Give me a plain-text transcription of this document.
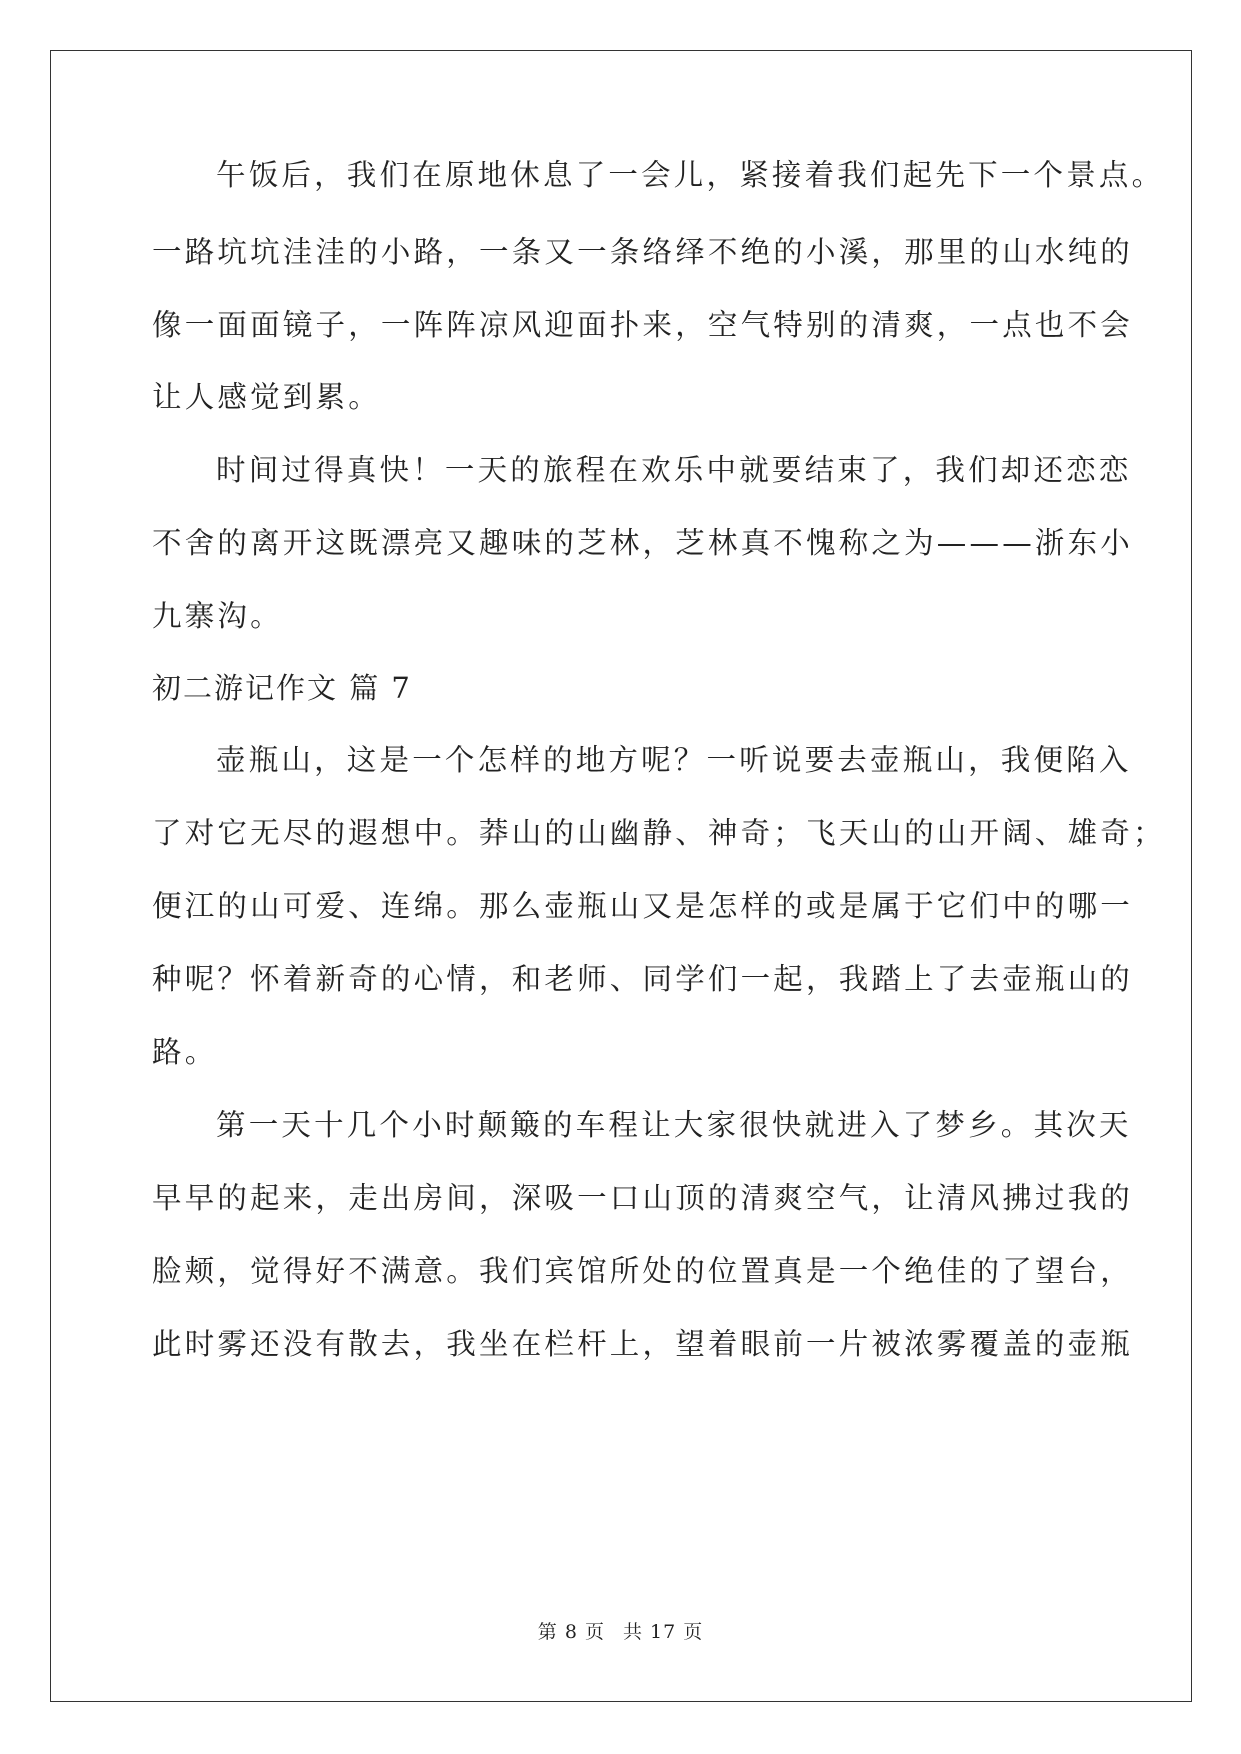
午饭后，我们在原地休息了一会儿，紧接着我们起先下一个景点。
一路坑坑洼洼的小路，一条又一条络绎不绝的小溪，那里的山水纯的
像一面面镜子，一阵阵凉风迎面扑来，空气特别的清爽，一点也不会
让人感觉到累。
时间过得真快！一天的旅程在欢乐中就要结束了，我们却还恋恋
不舍的离开这既漂亮又趣味的芝林，芝林真不愧称之为———浙东小
九寨沟。
初二游记作文 篇 7
壶瓶山，这是一个怎样的地方呢？一听说要去壶瓶山，我便陷入
了对它无尽的遐想中。莽山的山幽静、神奇；飞天山的山开阔、雄奇；
便江的山可爱、连绵。那么壶瓶山又是怎样的或是属于它们中的哪一
种呢？怀着新奇的心情，和老师、同学们一起，我踏上了去壶瓶山的
路。
第一天十几个小时颠簸的车程让大家很快就进入了梦乡。其次天
早早的起来，走出房间，深吸一口山顶的清爽空气，让清风拂过我的
脸颊，觉得好不满意。我们宾馆所处的位置真是一个绝佳的了望台，
此时雾还没有散去，我坐在栏杆上，望着眼前一片被浓雾覆盖的壶瓶
第 8 页 共 17 页
